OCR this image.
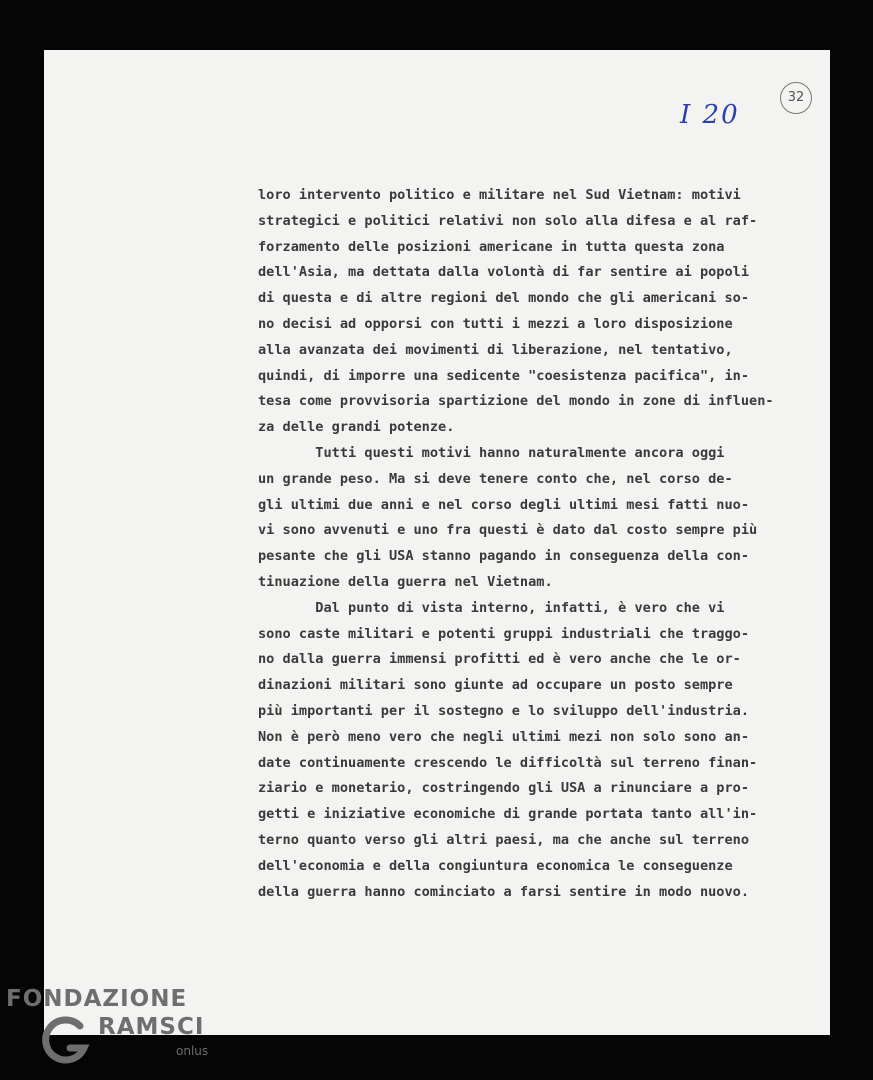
32
I 20
loro intervento politico e militare nel Sud Vietnam: motivi
strategici e politici relativi non solo alla difesa e al raf-
forzamento delle posizioni americane in tutta questa zona
dell'Asia, ma dettata dalla volontà di far sentire ai popoli
di questa e di altre regioni del mondo che gli americani so-
no decisi ad opporsi con tutti i mezzi a loro disposizione
alla avanzata dei movimenti di liberazione, nel tentativo,
quindi, di imporre una sedicente "coesistenza pacifica", in-
tesa come provvisoria spartizione del mondo in zone di influen-
za delle grandi potenze.
Tutti questi motivi hanno naturalmente ancora oggi
un grande peso. Ma si deve tenere conto che, nel corso de-
gli ultimi due anni e nel corso degli ultimi mesi fatti nuo-
vi sono avvenuti e uno fra questi è dato dal costo sempre più
pesante che gli USA stanno pagando in conseguenza della con-
tinuazione della guerra nel Vietnam.
Dal punto di vista interno, infatti, è vero che vi
sono caste militari e potenti gruppi industriali che traggo-
no dalla guerra immensi profitti ed è vero anche che le or-
dinazioni militari sono giunte ad occupare un posto sempre
più importanti per il sostegno e lo sviluppo dell'industria.
Non è però meno vero che negli ultimi mezi non solo sono an-
date continuamente crescendo le difficoltà sul terreno finan-
ziario e monetario, costringendo gli USA a rinunciare a pro-
getti e iniziative economiche di grande portata tanto all'in-
terno quanto verso gli altri paesi, ma che anche sul terreno
dell'economia e della congiuntura economica le conseguenze
della guerra hanno cominciato a farsi sentire in modo nuovo.
FONDAZIONE
RAMSCI
onlus
